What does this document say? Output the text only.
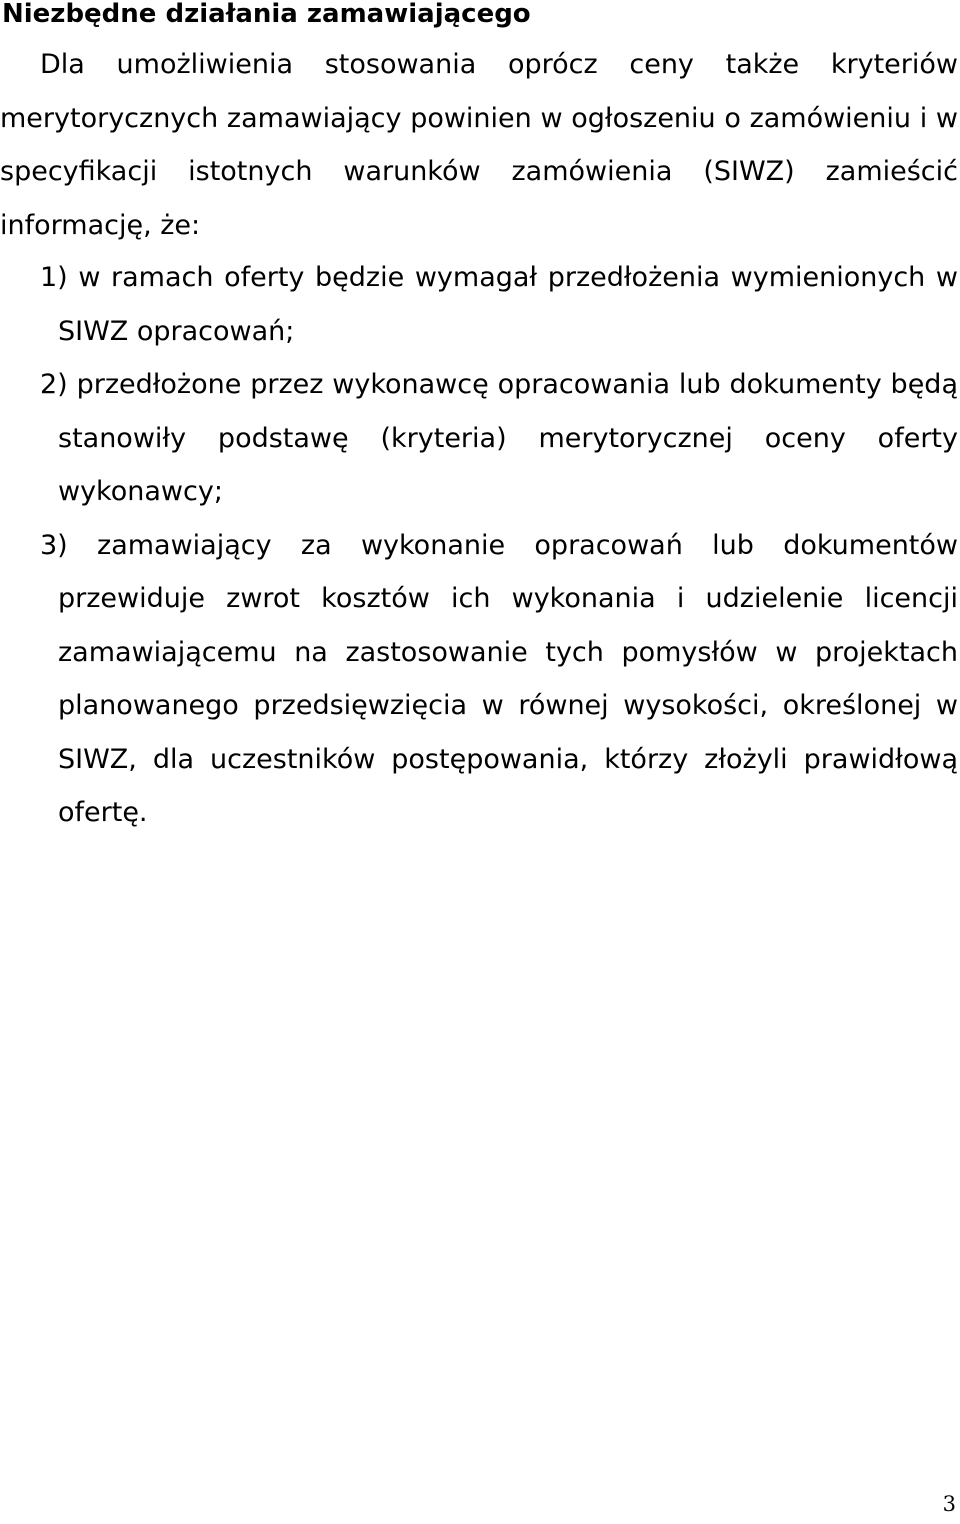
Niezbędne działania zamawiającego

Dla umożliwienia stosowania oprócz ceny także kryteriów merytorycznych zamawiający powinien w ogłoszeniu o zamówieniu i w specyfikacji istotnych warunków zamówienia (SIWZ) zamieścić informację, że:

1) w ramach oferty będzie wymagał przedłożenia wymienionych w SIWZ opracowań;
2) przedłożone przez wykonawcę opracowania lub dokumenty będą stanowiły podstawę (kryteria) merytorycznej oceny oferty wykonawcy;
3) zamawiający za wykonanie opracowań lub dokumentów przewiduje zwrot kosztów ich wykonania i udzielenie licencji zamawiającemu na zastosowanie tych pomysłów w projektach planowanego przedsięwzięcia w równej wysokości, określonej w SIWZ, dla uczestników postępowania, którzy złożyli prawidłową ofertę.
3
